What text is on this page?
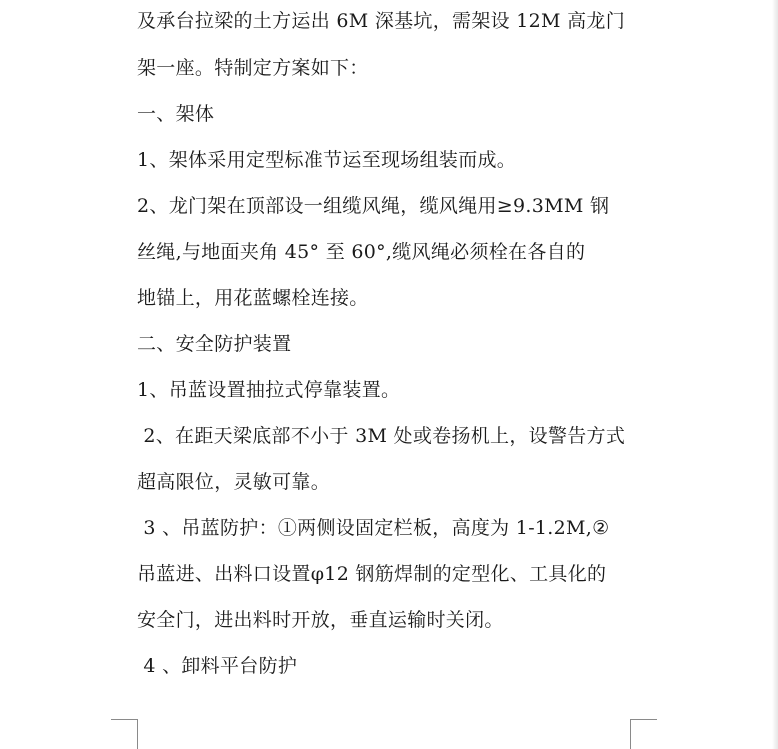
及承台拉梁的土方运出 6M 深基坑，需架设 12M 高龙门
架一座。特制定方案如下：
一、架体
1、架体采用定型标准节运至现场组装而成。
2、龙门架在顶部设一组缆风绳，缆风绳用≥9.3MM 钢
丝绳,与地面夹角 45° 至 60°,缆风绳必须栓在各自的
地锚上，用花蓝螺栓连接。
二、安全防护装置
1、吊蓝设置抽拉式停靠装置。
2、在距天梁底部不小于 3M 处或卷扬机上，设警告方式
超高限位，灵敏可靠。
3 、吊蓝防护：①两侧设固定栏板，高度为 1-1.2M,②
吊蓝进、出料口设置φ12 钢筋焊制的定型化、工具化的
安全门，进出料时开放，垂直运输时关闭。
4 、卸料平台防护
